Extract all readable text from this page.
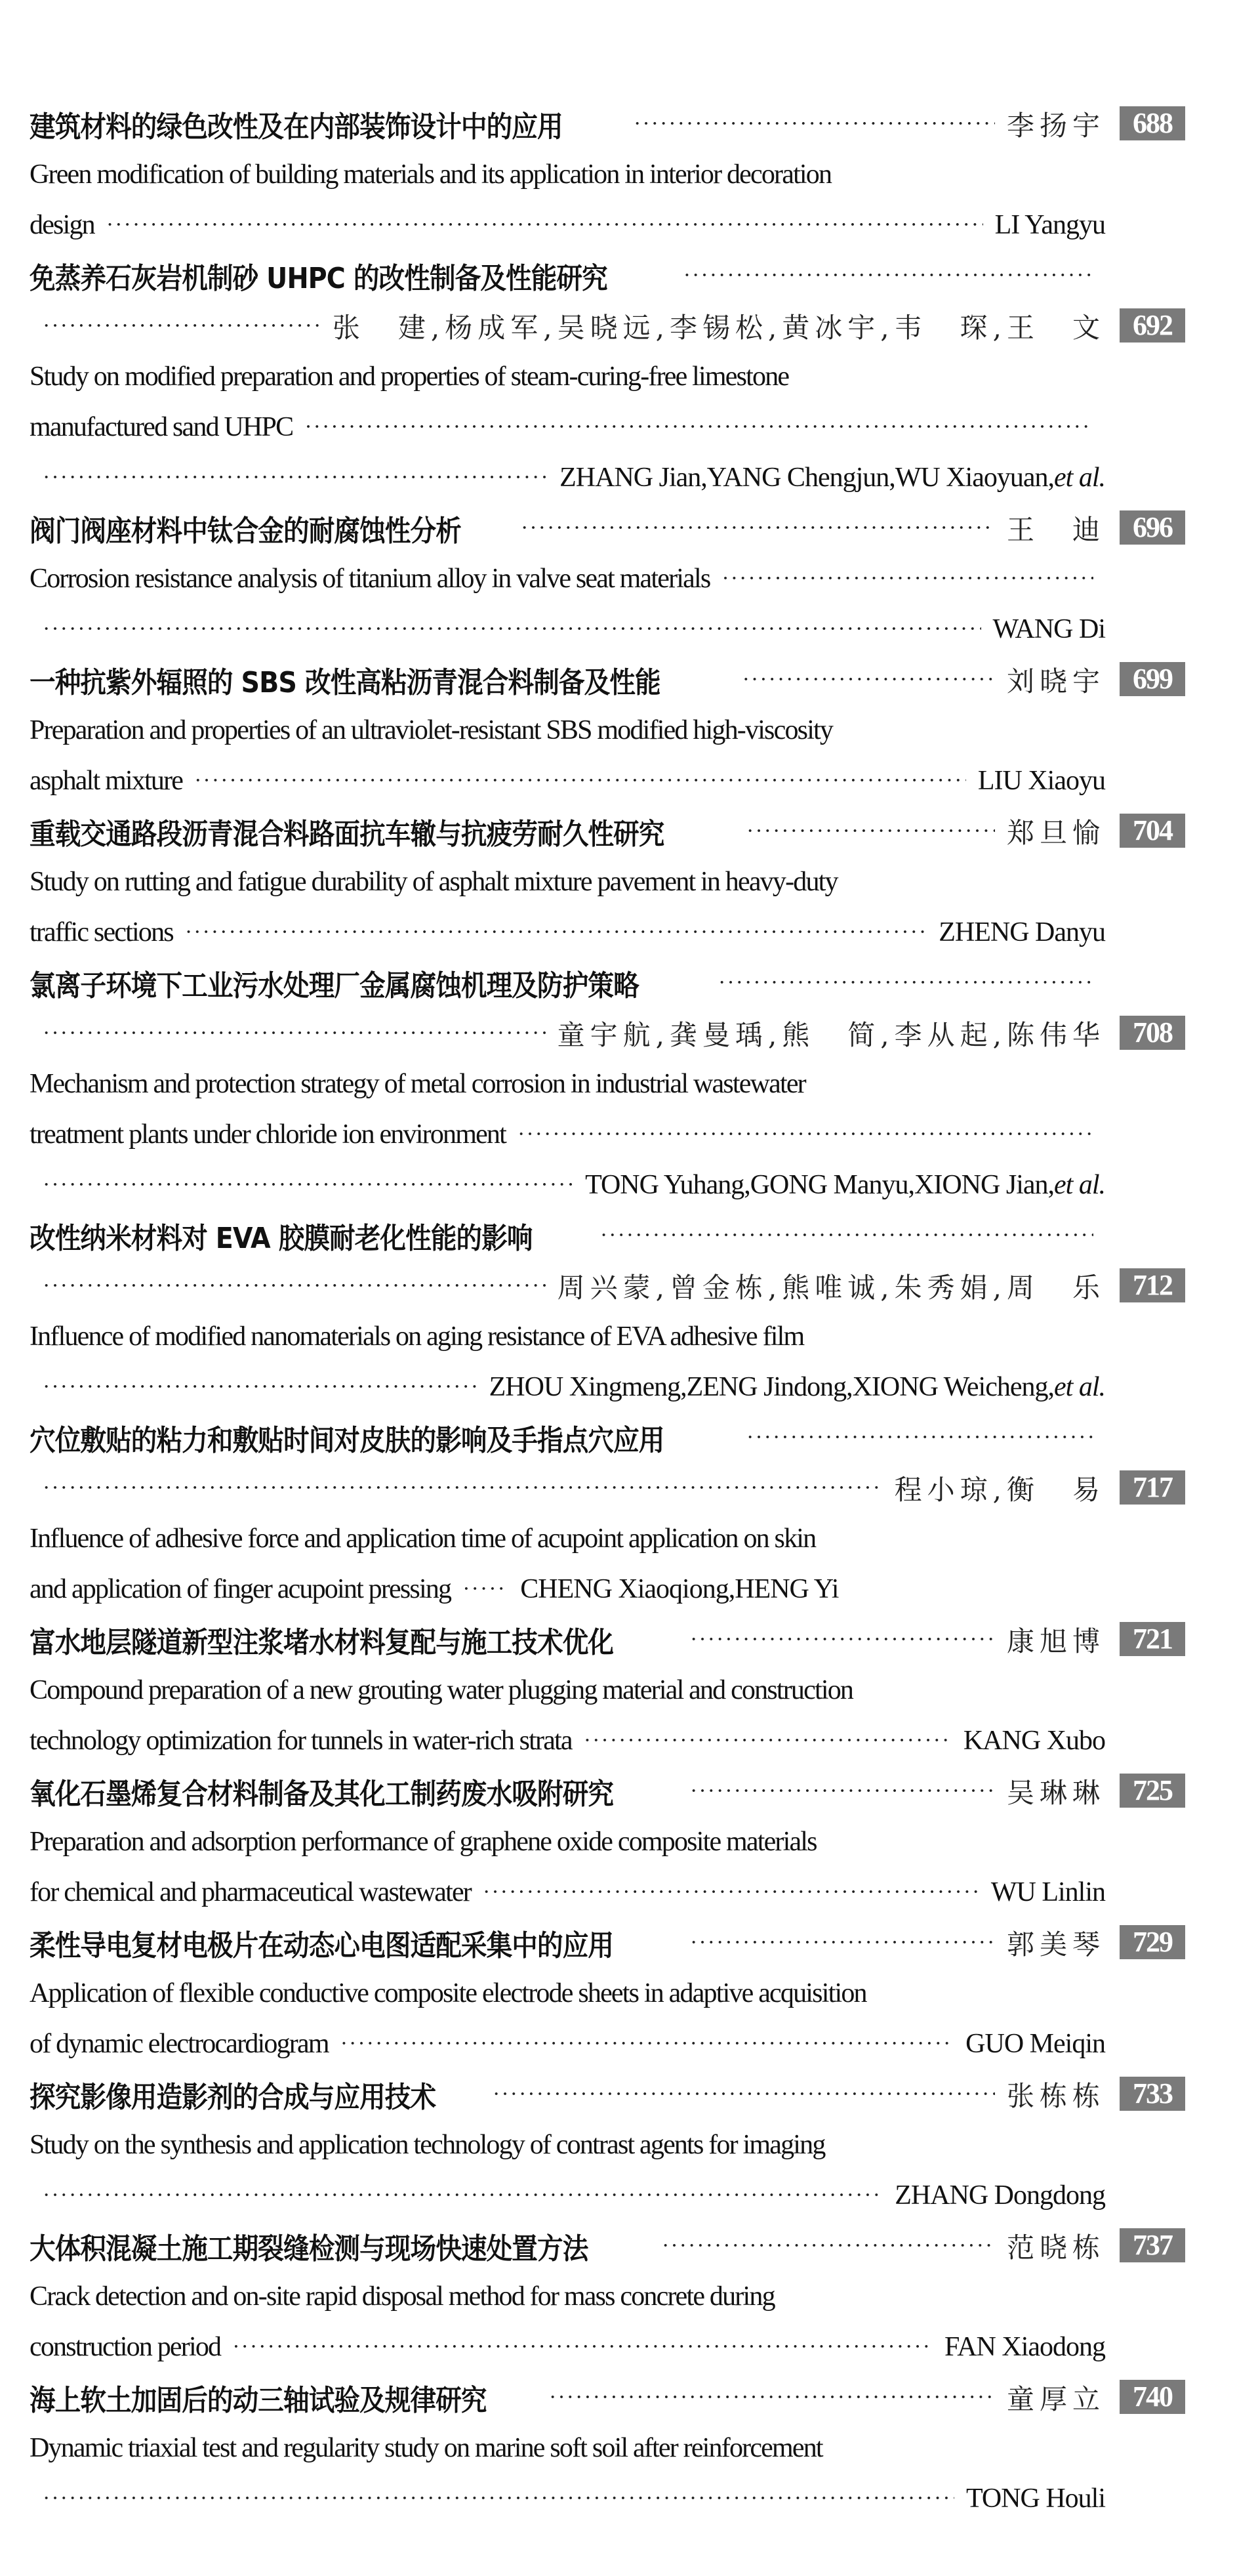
建筑材料的绿色改性及在内部装饰设计中的应用 ·····	李扬宇 688
Green modification of building materials and its application in interior decoration
design ·····	LI Yangyu
免蒸养石灰岩机制砂 UHPC 的改性制备及性能研究
·····
·····
张　建,杨成军,吴晓远,李锡松,黄冰宇,韦　琛,王　文 692
Study on modified preparation and properties of steam-curing-free limestone
manufactured sand UHPC
·····
·····
ZHANG Jian,YANG Chengjun,WU Xiaoyuan,et al.
阀门阀座材料中钛合金的耐腐蚀性分析 ·····	王　迪 696
Corrosion resistance analysis of titanium alloy in valve seat materials
·····
·····
WANG Di
一种抗紫外辐照的 SBS 改性高粘沥青混合料制备及性能 ·····	刘晓宇 699
Preparation and properties of an ultraviolet-resistant SBS modified high-viscosity
asphalt mixture ·····	LIU Xiaoyu
重载交通路段沥青混合料路面抗车辙与抗疲劳耐久性研究 ·····	郑旦愉 704
Study on rutting and fatigue durability of asphalt mixture pavement in heavy-duty
traffic sections ·····	ZHENG Danyu
氯离子环境下工业污水处理厂金属腐蚀机理及防护策略
·····
·····
童宇航,龚曼瑀,熊　简,李从起,陈伟华 708
Mechanism and protection strategy of metal corrosion in industrial wastewater
treatment plants under chloride ion environment
·····
·····
TONG Yuhang,GONG Manyu,XIONG Jian,et al.
改性纳米材料对 EVA 胶膜耐老化性能的影响
·····
·····
周兴蒙,曾金栋,熊唯诚,朱秀娟,周　乐 712
Influence of modified nanomaterials on aging resistance of EVA adhesive film
·····
ZHOU Xingmeng,ZENG Jindong,XIONG Weicheng,et al.
穴位敷贴的粘力和敷贴时间对皮肤的影响及手指点穴应用
·····
·····
程小琼,衡　易 717
Influence of adhesive force and application time of acupoint application on skin
and application of finger acupoint pressing ·····	CHENG Xiaoqiong,HENG Yi
富水地层隧道新型注浆堵水材料复配与施工技术优化 ·····	康旭博 721
Compound preparation of a new grouting water plugging material and construction
technology optimization for tunnels in water-rich strata ·····	KANG Xubo
氧化石墨烯复合材料制备及其化工制药废水吸附研究 ·····	吴琳琳 725
Preparation and adsorption performance of graphene oxide composite materials
for chemical and pharmaceutical wastewater ·····	WU Linlin
柔性导电复材电极片在动态心电图适配采集中的应用 ·····	郭美琴 729
Application of flexible conductive composite electrode sheets in adaptive acquisition
of dynamic electrocardiogram ·····	GUO Meiqin
探究影像用造影剂的合成与应用技术 ·····	张栋栋 733
Study on the synthesis and application technology of contrast agents for imaging
·····
ZHANG Dongdong
大体积混凝土施工期裂缝检测与现场快速处置方法 ·····	范晓栋 737
Crack detection and on-site rapid disposal method for mass concrete during
construction period ·····	FAN Xiaodong
海上软土加固后的动三轴试验及规律研究 ·····	童厚立 740
Dynamic triaxial test and regularity study on marine soft soil after reinforcement
·····
TONG Houli
